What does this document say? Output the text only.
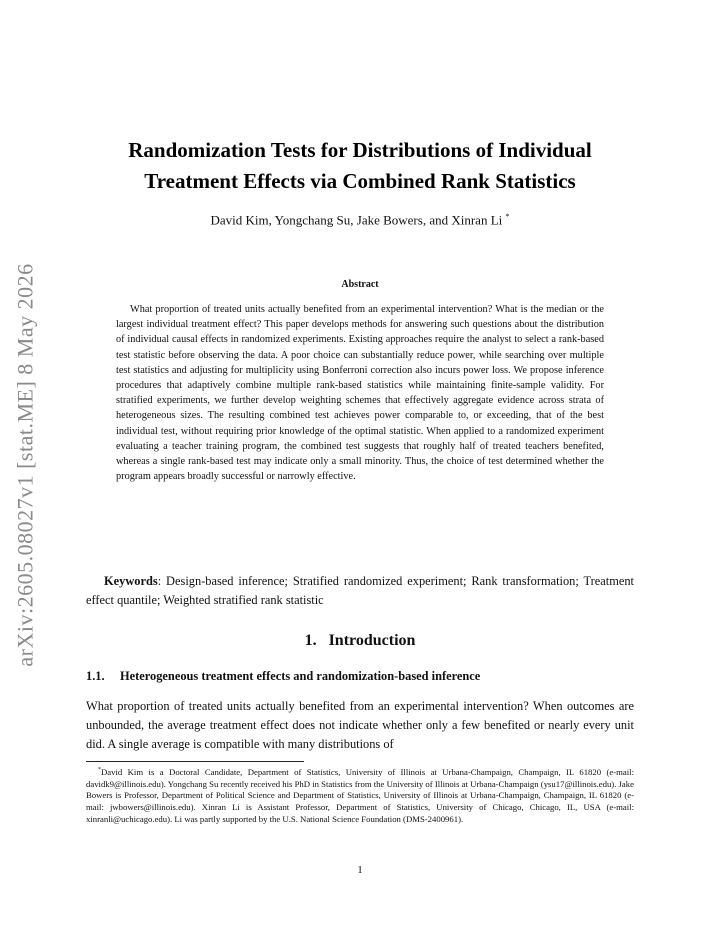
arXiv:2605.08027v1 [stat.ME] 8 May 2026
Randomization Tests for Distributions of Individual
Treatment Effects via Combined Rank Statistics
David Kim, Yongchang Su, Jake Bowers, and Xinran Li *
Abstract

What proportion of treated units actually benefited from an experimental intervention? What is the median or the largest individual treatment effect? This paper develops methods for answering such questions about the distribution of individual causal effects in randomized experiments. Existing approaches require the analyst to select a rank-based test statistic before observing the data. A poor choice can substantially reduce power, while searching over multiple test statistics and adjusting for multiplicity using Bonferroni correction also incurs power loss. We propose inference procedures that adaptively combine multiple rank-based statistics while maintaining finite-sample validity. For stratified experiments, we further develop weighting schemes that effectively aggregate evidence across strata of heterogeneous sizes. The resulting combined test achieves power comparable to, or exceeding, that of the best individual test, without requiring prior knowledge of the optimal statistic. When applied to a randomized experiment evaluating a teacher training program, the combined test suggests that roughly half of treated teachers benefited, whereas a single rank-based test may indicate only a small minority. Thus, the choice of test determined whether the program appears broadly successful or narrowly effective.

Keywords: Design-based inference; Stratified randomized experiment; Rank transformation; Treatment effect quantile; Weighted stratified rank statistic

1. Introduction
1.1. Heterogeneous treatment effects and randomization-based inference

What proportion of treated units actually benefited from an experimental intervention? When outcomes are unbounded, the average treatment effect does not indicate whether only a few benefited or nearly every unit did. A single average is compatible with many distributions of

*David Kim is a Doctoral Candidate, Department of Statistics, University of Illinois at Urbana-Champaign, Champaign, IL 61820 (e-mail: davidk9@illinois.edu). Yongchang Su recently received his PhD in Statistics from the University of Illinois at Urbana-Champaign (ysu17@illinois.edu). Jake Bowers is Professor, Department of Political Science and Department of Statistics, University of Illinois at Urbana-Champaign, Champaign, IL 61820 (e-mail: jwbowers@illinois.edu). Xinran Li is Assistant Professor, Department of Statistics, University of Chicago, Chicago, IL, USA (e-mail: xinranli@uchicago.edu). Li was partly supported by the U.S. National Science Foundation (DMS-2400961).

1
